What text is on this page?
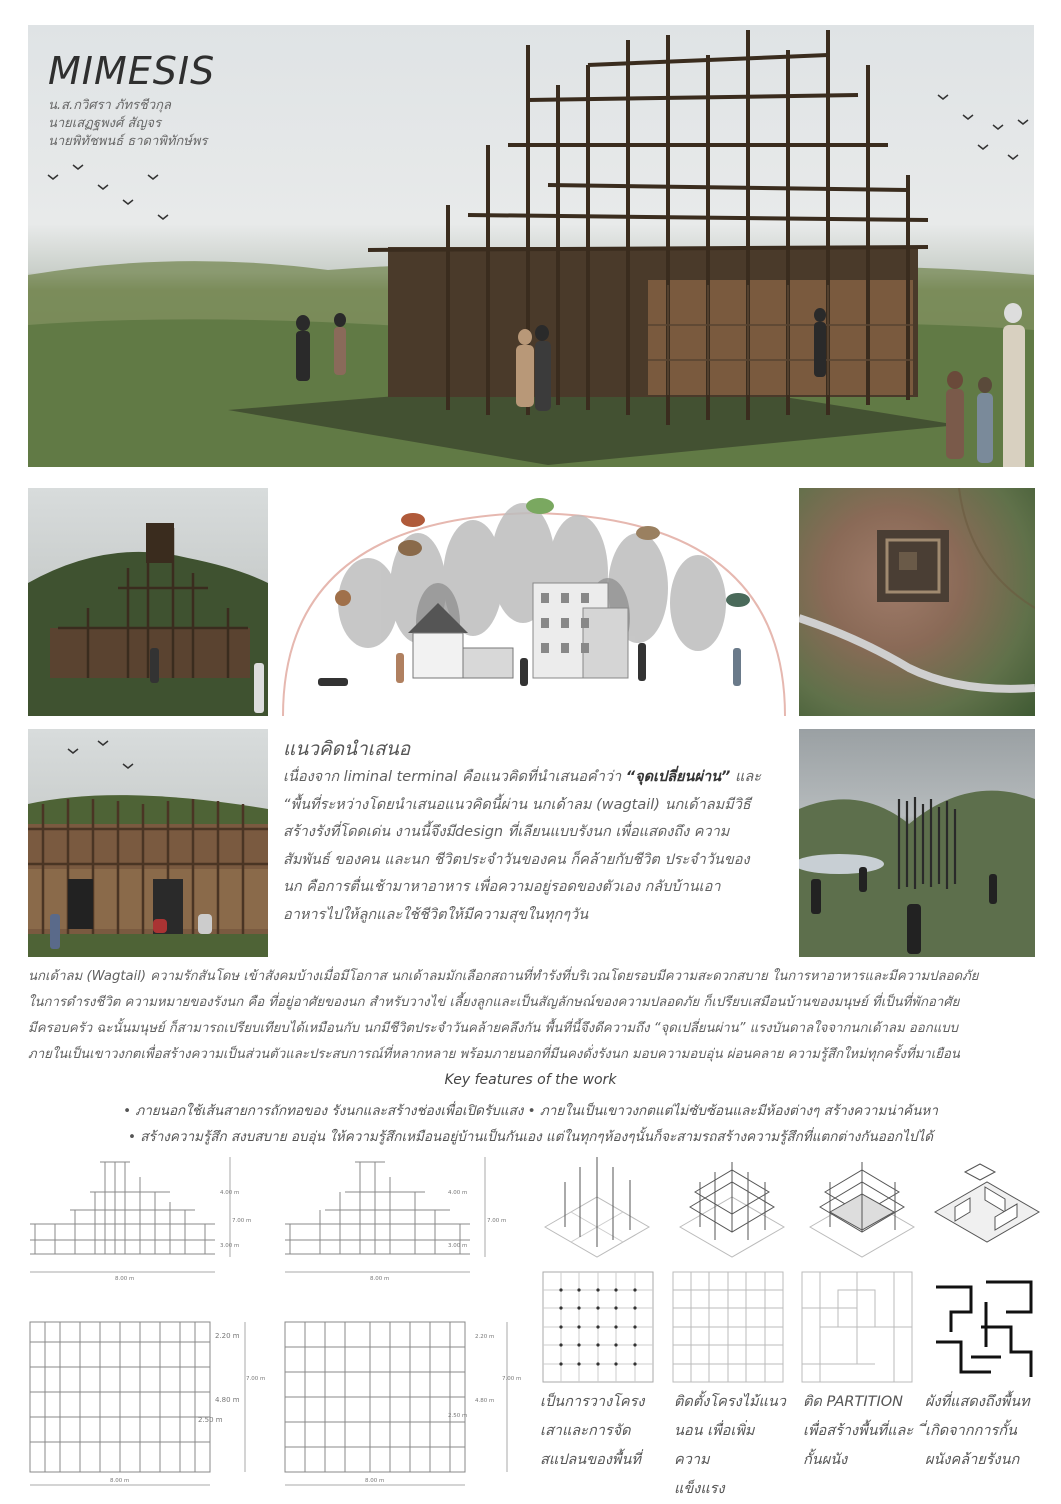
MIMESIS
น.ส.กวิศรา ภัทรชีวกุล
นายเสฏฐพงศ์ สัญจร
นายพิทัชพนธ์ ธาดาพิทักษ์พร
แนวคิดนำเสนอ
เนื่องจาก liminal terminal คือแนวคิดที่นำเสนอคำว่า “จุดเปลี่ยนผ่าน” และ
“พื้นที่ระหว่างโดยนำเสนอแนวคิดนี้ผ่าน นกเด้าลม (wagtail) นกเด้าลมมีวิธี
สร้างรังที่โดดเด่น งานนี้จึงมีdesign ที่เลียนแบบรังนก เพื่อแสดงถึง ความ
สัมพันธ์ ของคน และนก ชีวิตประจำวันของคน ก็คล้ายกับชีวิต ประจำวันของ
นก คือการตื่นเช้ามาหาอาหาร เพื่อความอยู่รอดของตัวเอง กลับบ้านเอา
อาหารไปให้ลูกและใช้ชีวิตให้มีความสุขในทุกๆวัน
นกเด้าลม (Wagtail) ความรักสันโดษ เข้าสังคมบ้างเมื่อมีโอกาส นกเด้าลมมักเลือกสถานที่ทำรังที่บริเวณโดยรอบมีความสะดวกสบาย ในการหาอาหารและมีความปลอดภัย
ในการดำรงชีวิต ความหมายของรังนก คือ ที่อยู่อาศัยของนก สำหรับวางไข่ เลี้ยงลูกและเป็นสัญลักษณ์ของความปลอดภัย ก็เปรียบเสมือนบ้านของมนุษย์ ที่เป็นที่พักอาศัย
มีครอบครัว ฉะนั้นมนุษย์ ก็สามารถเปรียบเทียบได้เหมือนกับ นกมีชีวิตประจำวันคล้ายคลึงกัน พื้นที่นี้จึงดีความถึง “จุดเปลี่ยนผ่าน” แรงบันดาลใจจากนกเด้าลม ออกแบบ
ภายในเป็นเขาวงกตเพื่อสร้างความเป็นส่วนตัวและประสบการณ์ที่หลากหลาย พร้อมภายนอกที่มีนคงดั่งรังนก มอบความอบอุ่น ผ่อนคลาย ความรู้สึกใหม่ทุกครั้งที่มาเยือน
Key features of the work
• ภายนอกใช้เส้นสายการถักทอของ รังนกและสร้างช่องเพื่อเปิดรับแสง • ภายในเป็นเขาวงกตแต่ไม่ซับซ้อนและมีห้องต่างๆ สร้างความน่าค้นหา
• สร้างความรู้สึก สงบสบาย อบอุ่น ให้ความรู้สึกเหมือนอยู่บ้านเป็นกันเอง แต่ในทุกๆห้องๆนั้นก็จะสามรถสร้างความรู้สึกที่แตกต่างกันออกไปได้
4.00 m
7.00 m
3.00 m
8.00 m
4.00 m
7.00 m
3.00 m
8.00 m
2.20 m
7.00 m
4.80 m
2.50 m
8.00 m
2.20 m
7.00 m
4.80 m
2.50 m
8.00 m
เป็นการวางโครง
เสาและการจัด
สแปลนของพื้นที่
ติดตั้งโครงไม้แนว
นอน เพื่อเพิ่มความ
แข็งแรง
ติด PARTITION
เพื่อสร้างพื้นที่และ
กั้นผนัง
ผังที่แสดงถึงพื้นท
ี่เกิดจากการกั้น
ผนังคล้ายรังนก
